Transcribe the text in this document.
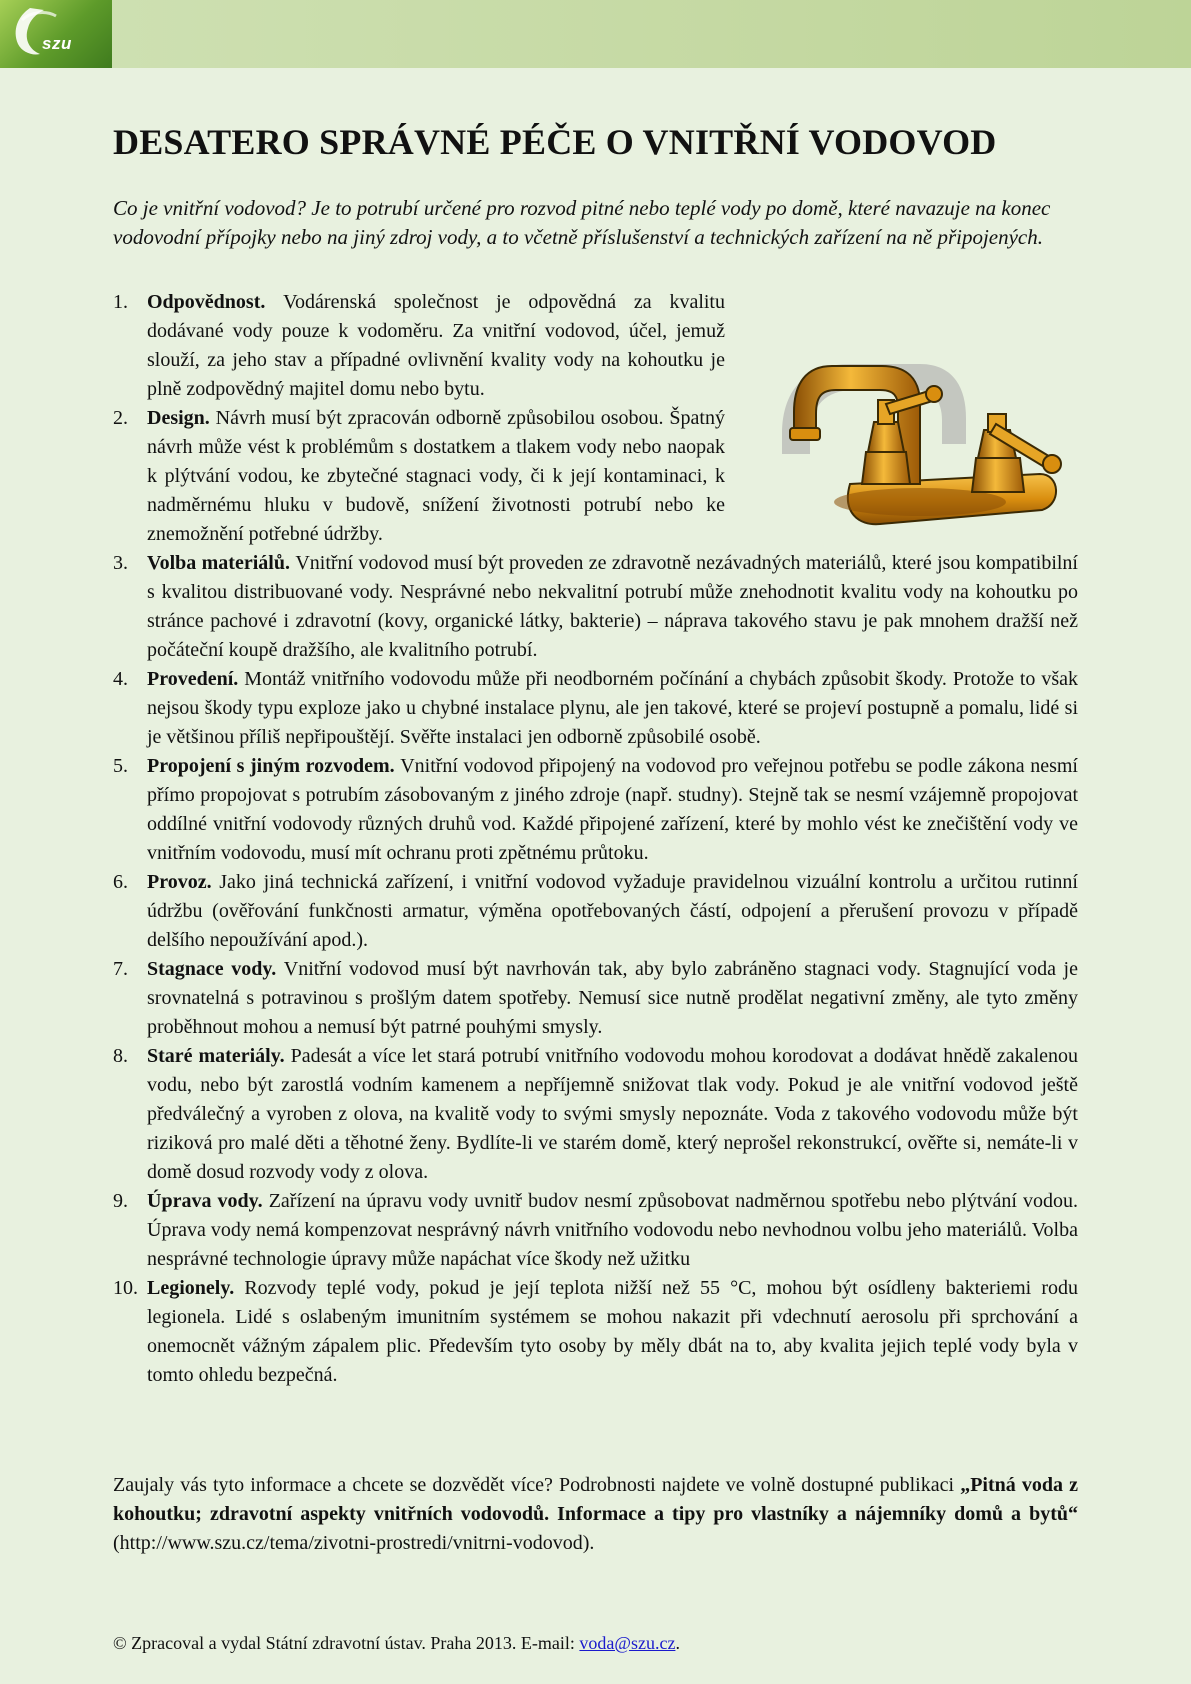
szu
DESATERO SPRÁVNÉ PÉČE O VNITŘNÍ VODOVOD

Co je vnitřní vodovod? Je to potrubí určené pro rozvod pitné nebo teplé vody po domě, které navazuje na konec vodovodní přípojky nebo na jiný zdroj vody, a to včetně příslušenství a technických zařízení na ně připojených.

1. Odpovědnost. Vodárenská společnost je odpovědná za kvalitu dodávané vody pouze k vodoměru. Za vnitřní vodovod, účel, jemuž slouží, za jeho stav a případné ovlivnění kvality vody na kohoutku je plně zodpovědný majitel domu nebo bytu.
2. Design. Návrh musí být zpracován odborně způsobilou osobou. Špatný návrh může vést k problémům s dostatkem a tlakem vody nebo naopak k plýtvání vodou, ke zbytečné stagnaci vody, či k její kontaminaci, k nadměrnému hluku v budově, snížení životnosti potrubí nebo ke znemožnění potřebné údržby.
3. Volba materiálů. Vnitřní vodovod musí být proveden ze zdravotně nezávadných materiálů, které jsou kompatibilní s kvalitou distribuované vody. Nesprávné nebo nekvalitní potrubí může znehodnotit kvalitu vody na kohoutku po stránce pachové i zdravotní (kovy, organické látky, bakterie) – náprava takového stavu je pak mnohem dražší než počáteční koupě dražšího, ale kvalitního potrubí.
4. Provedení. Montáž vnitřního vodovodu může při neodborném počínání a chybách způsobit škody. Protože to však nejsou škody typu exploze jako u chybné instalace plynu, ale jen takové, které se projeví postupně a pomalu, lidé si je většinou příliš nepřipouštějí. Svěřte instalaci jen odborně způsobilé osobě.
5. Propojení s jiným rozvodem. Vnitřní vodovod připojený na vodovod pro veřejnou potřebu se podle zákona nesmí přímo propojovat s potrubím zásobovaným z jiného zdroje (např. studny). Stejně tak se nesmí vzájemně propojovat oddílné vnitřní vodovody různých druhů vod. Každé připojené zařízení, které by mohlo vést ke znečištění vody ve vnitřním vodovodu, musí mít ochranu proti zpětnému průtoku.
6. Provoz. Jako jiná technická zařízení, i vnitřní vodovod vyžaduje pravidelnou vizuální kontrolu a určitou rutinní údržbu (ověřování funkčnosti armatur, výměna opotřebovaných částí, odpojení a přerušení provozu v případě delšího nepoužívání apod.).
7. Stagnace vody. Vnitřní vodovod musí být navrhován tak, aby bylo zabráněno stagnaci vody. Stagnující voda je srovnatelná s potravinou s prošlým datem spotřeby. Nemusí sice nutně prodělat negativní změny, ale tyto změny proběhnout mohou a nemusí být patrné pouhými smysly.
8. Staré materiály. Padesát a více let stará potrubí vnitřního vodovodu mohou korodovat a dodávat hnědě zakalenou vodu, nebo být zarostlá vodním kamenem a nepříjemně snižovat tlak vody. Pokud je ale vnitřní vodovod ještě předválečný a vyroben z olova, na kvalitě vody to svými smysly nepoznáte. Voda z takového vodovodu může být riziková pro malé děti a těhotné ženy. Bydlíte-li ve starém domě, který neprošel rekonstrukcí, ověřte si, nemáte-li v domě dosud rozvody vody z olova.
9. Úprava vody. Zařízení na úpravu vody uvnitř budov nesmí způsobovat nadměrnou spotřebu nebo plýtvání vodou. Úprava vody nemá kompenzovat nesprávný návrh vnitřního vodovodu nebo nevhodnou volbu jeho materiálů. Volba nesprávné technologie úpravy může napáchat více škody než užitku
10. Legionely. Rozvody teplé vody, pokud je její teplota nižší než 55 °C, mohou být osídleny bakteriemi rodu legionela. Lidé s oslabeným imunitním systémem se mohou nakazit při vdechnutí aerosolu při sprchování a onemocnět vážným zápalem plic. Především tyto osoby by měly dbát na to, aby kvalita jejich teplé vody byla v tomto ohledu bezpečná.

Zaujaly vás tyto informace a chcete se dozvědět více? Podrobnosti najdete ve volně dostupné publikaci „Pitná voda z kohoutku; zdravotní aspekty vnitřních vodovodů. Informace a tipy pro vlastníky a nájemníky domů a bytů“ (http://www.szu.cz/tema/zivotni-prostredi/vnitrni-vodovod).

© Zpracoval a vydal Státní zdravotní ústav. Praha 2013. E-mail: voda@szu.cz.
